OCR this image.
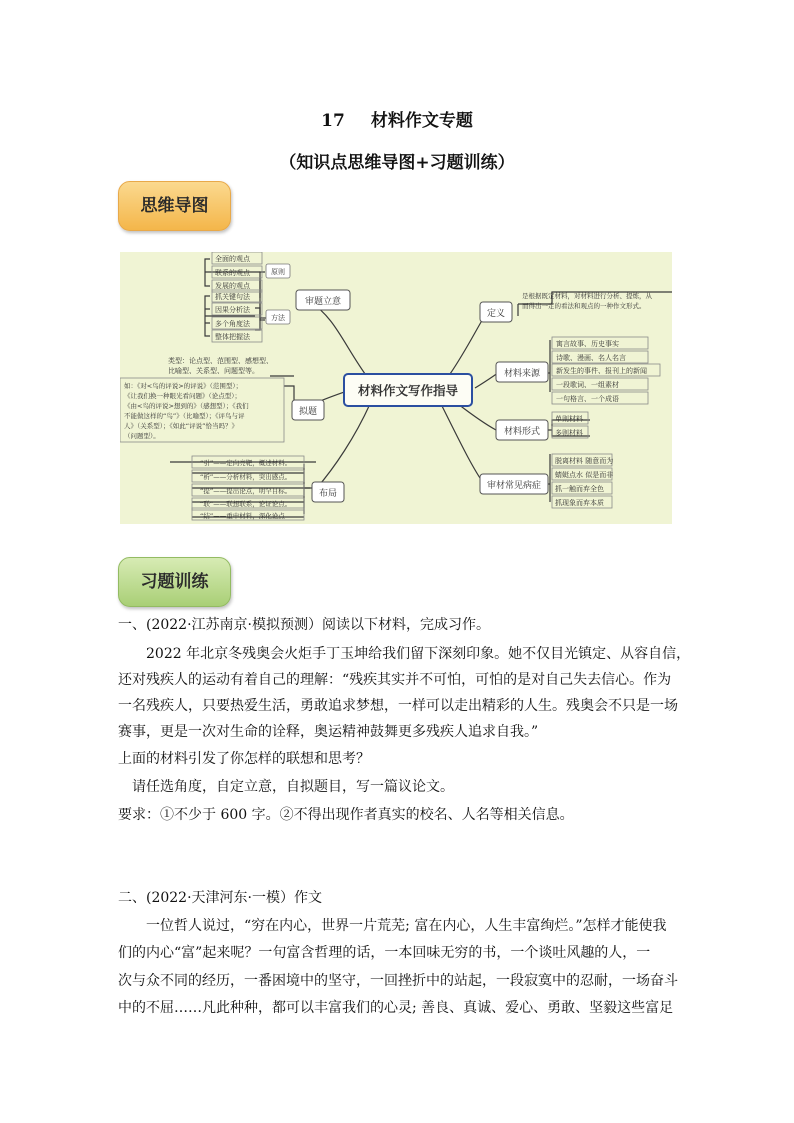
17 材料作文专题
（知识点思维导图+习题训练）
思维导图
材料作文写作指导
审题立意
拟题
布局
定义
材料来源
材料形式
审材常见病症
原则
方法
全面的观点
联系的观点
发展的观点
抓关键句法
因果分析法
多个角度法
整体把握法
类型：论点型、范围型、感想型、
比喻型、关系型、问题型等。
如：《对<鸟的评说>的评说》（范围型）；
《让我们换一种眼光看问题》（论点型）；
《由<鸟的评说>想到的》（感想型）；《我们
不能做这样的“鸟”》（比喻型）；《评鸟与评
人》（关系型）；《如此“评说”恰当吗？》
（问题型）。
“引”——定向亮靶，概述材料。
“析”——分析材料，突出感点。
“提”——提出论点，明罕目标。
“联”——联想联系，论证论点。
“结”——重申材料，深化论点
是根据既定材料，对材料进行分析、提炼，从
而得出一定的看法和观点的一种作文形式。
寓言故事、历史事实
诗歌、漫画、名人名言
新发生的事件、报刊上的新闻
一段歌词、一组素材
一句格言、一个成语
单则材料
多则材料
脱离材料 随意而为
蜻蜓点水 似是而非
抓一触而弃全色
抓现象而弃本质
习题训练
一、(2022·江苏南京·模拟预测）阅读以下材料，完成习作。
2022 年北京冬残奥会火炬手丁玉坤给我们留下深刻印象。她不仅目光镇定、从容自信，
还对残疾人的运动有着自己的理解：“残疾其实并不可怕，可怕的是对自己失去信心。作为
一名残疾人，只要热爱生活，勇敢追求梦想，一样可以走出精彩的人生。残奥会不只是一场
赛事，更是一次对生命的诠释，奥运精神鼓舞更多残疾人追求自我。”
上面的材料引发了你怎样的联想和思考？
请任选角度，自定立意，自拟题目，写一篇议论文。
要求：①不少于 600 字。②不得出现作者真实的校名、人名等相关信息。
二、(2022·天津河东·一模）作文
一位哲人说过，“穷在内心，世界一片荒芜; 富在内心，人生丰富绚烂。”怎样才能使我
们的内心“富”起来呢？一句富含哲理的话，一本回味无穷的书，一个谈吐风趣的人，一
次与众不同的经历，一番困境中的坚守，一回挫折中的站起，一段寂寞中的忍耐，一场奋斗
中的不屈……凡此种种，都可以丰富我们的心灵; 善良、真诚、爱心、勇敢、坚毅这些富足
